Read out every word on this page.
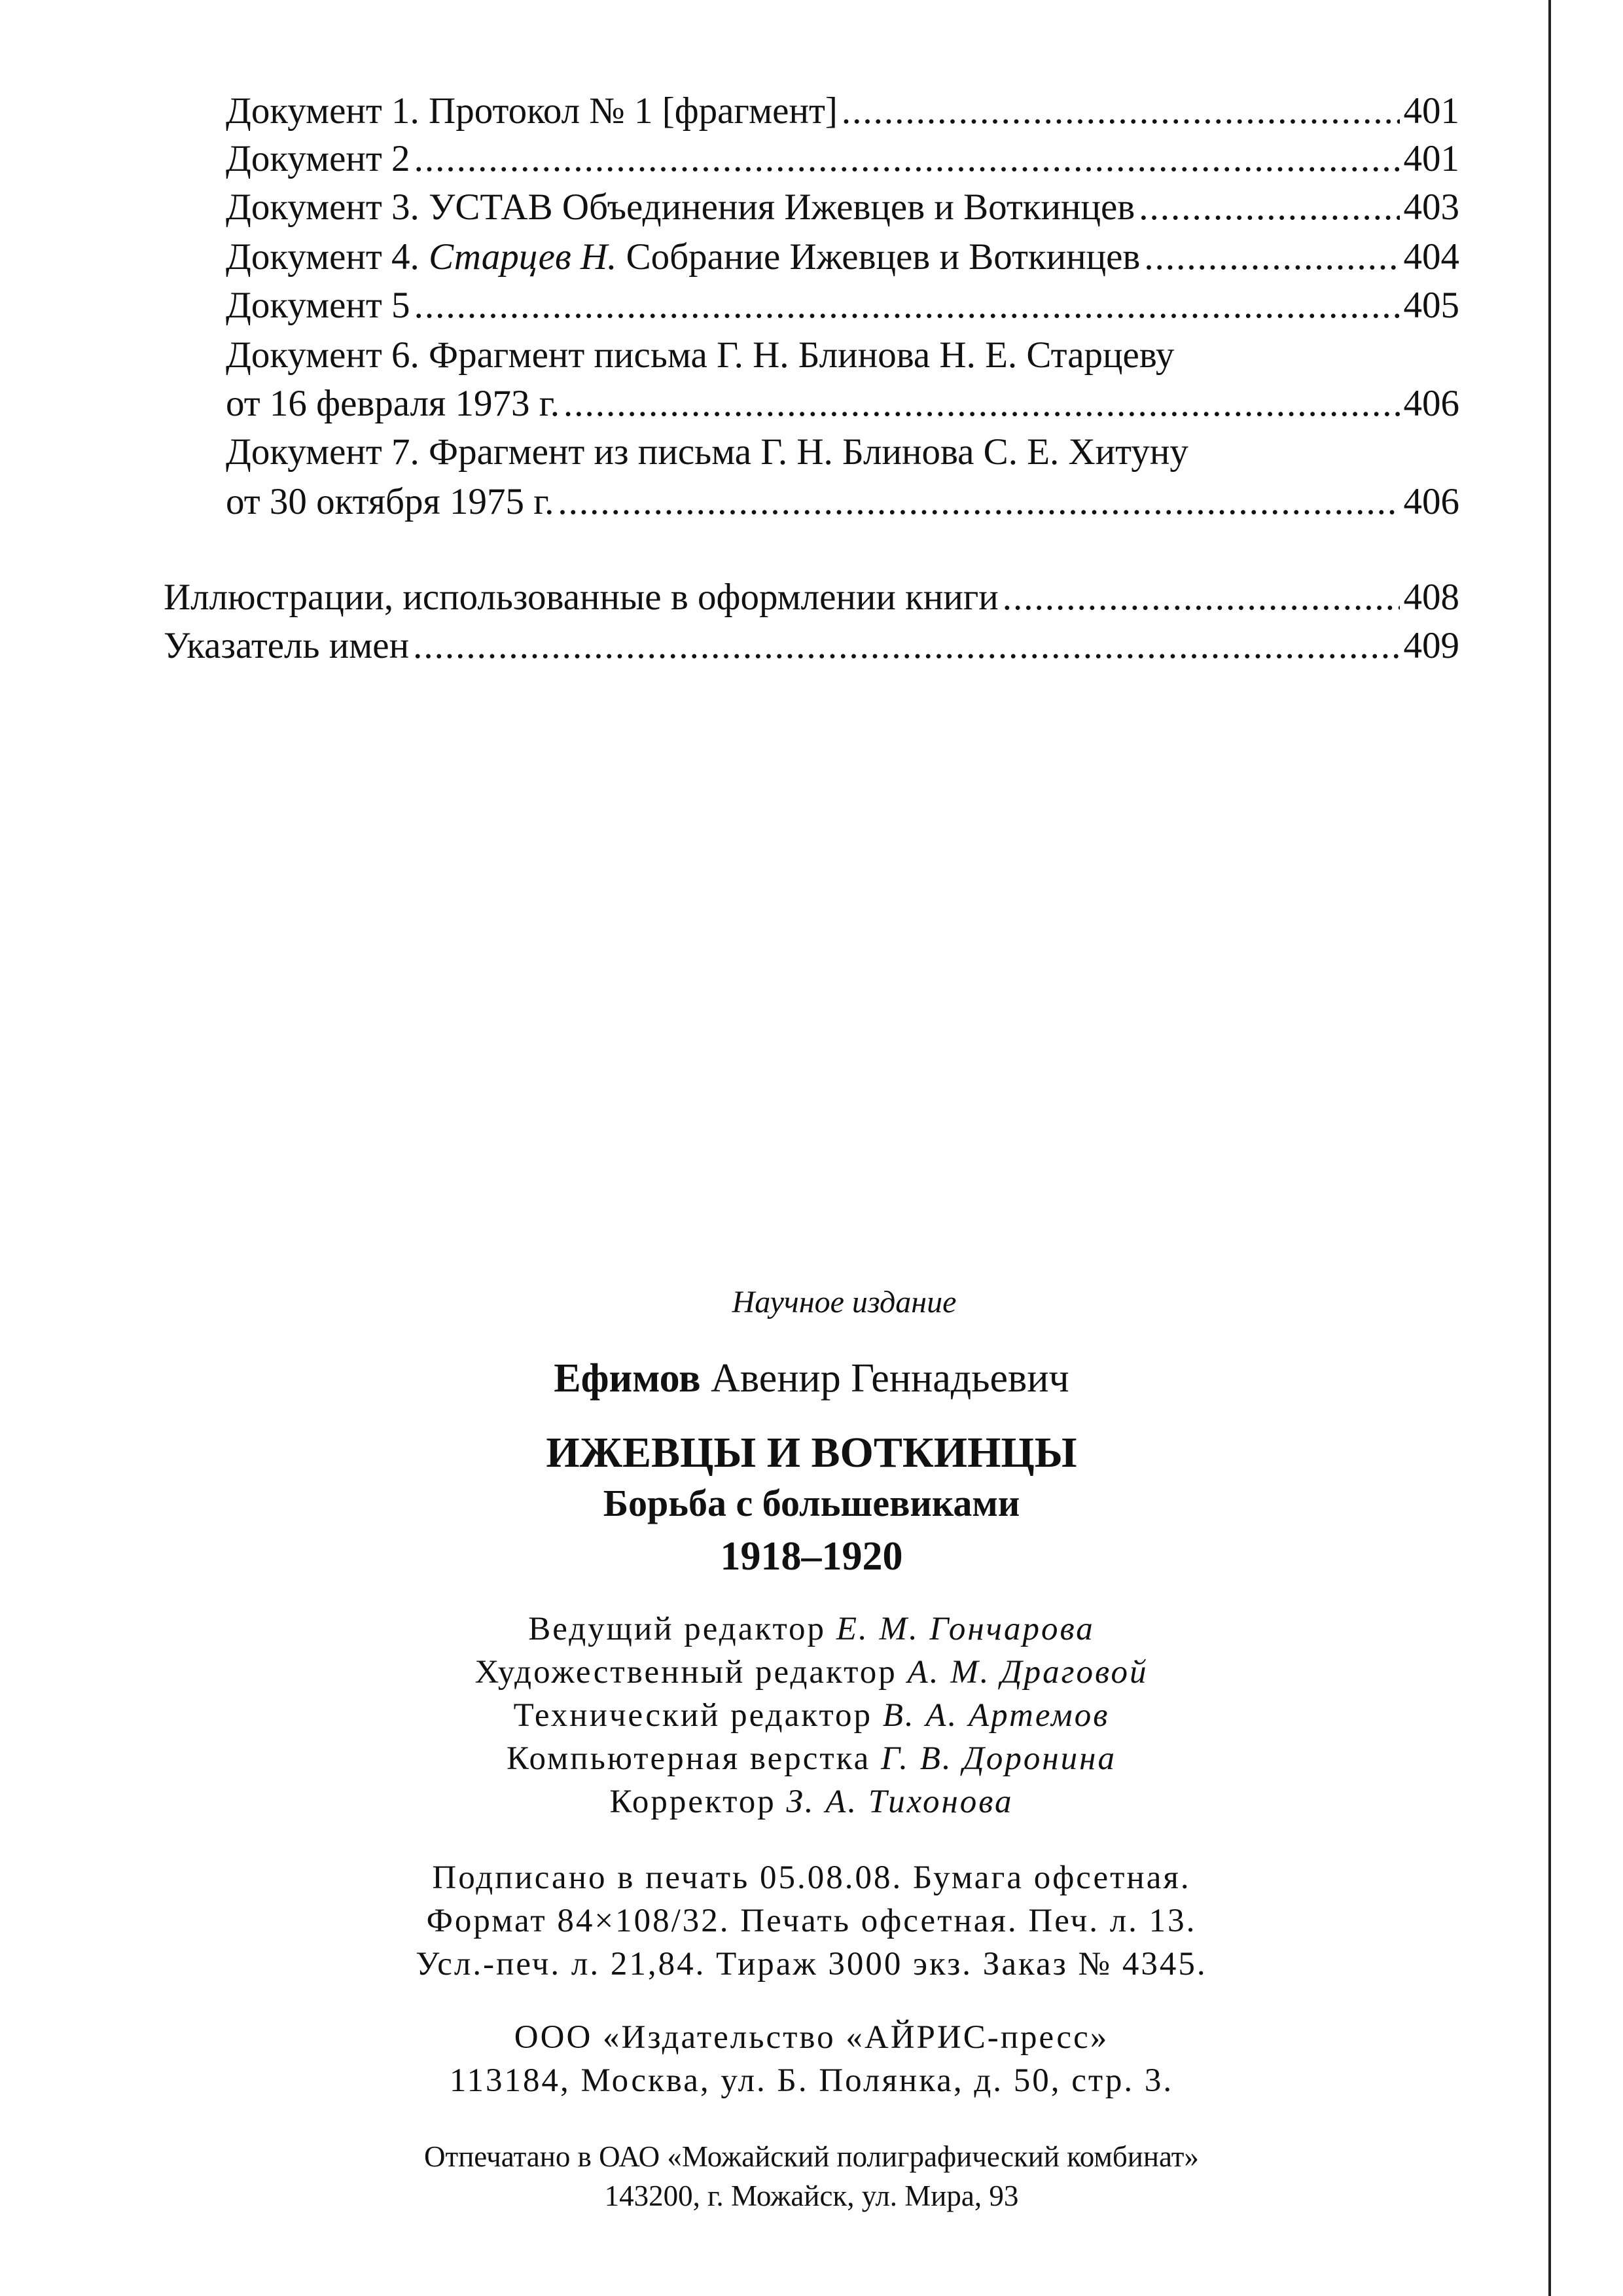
Документ 1. Протокол № 1 [фрагмент] .....	401
Документ 2 .....	401
Документ 3. УСТАВ Объединения Ижевцев и Воткинцев .....	403
Документ 4. Старцев Н. Собрание Ижевцев и Воткинцев .....	404
Документ 5 .....	405
Документ 6. Фрагмент письма Г. Н. Блинова Н. Е. Старцеву
от 16 февраля 1973 г. .....	406
Документ 7. Фрагмент из письма Г. Н. Блинова С. Е. Хитуну
от 30 октября 1975 г. .....	406
Иллюстрации, использованные в оформлении книги .....	408
Указатель имен .....	409
Научное издание
Ефимов Авенир Геннадьевич
ИЖЕВЦЫ И ВОТКИНЦЫ
Борьба с большевиками
1918–1920
Ведущий редактор Е. М. Гончарова
Художественный редактор А. М. Драговой
Технический редактор В. А. Артемов
Компьютерная верстка Г. В. Доронина
Корректор З. А. Тихонова
Подписано в печать 05.08.08. Бумага офсетная.
Формат 84×108/32. Печать офсетная. Печ. л. 13.
Усл.-печ. л. 21,84. Тираж 3000 экз. Заказ № 4345.
ООО «Издательство «АЙРИС-пресс»
113184, Москва, ул. Б. Полянка, д. 50, стр. 3.
Отпечатано в ОАО «Можайский полиграфический комбинат»
143200, г. Можайск, ул. Мира, 93
